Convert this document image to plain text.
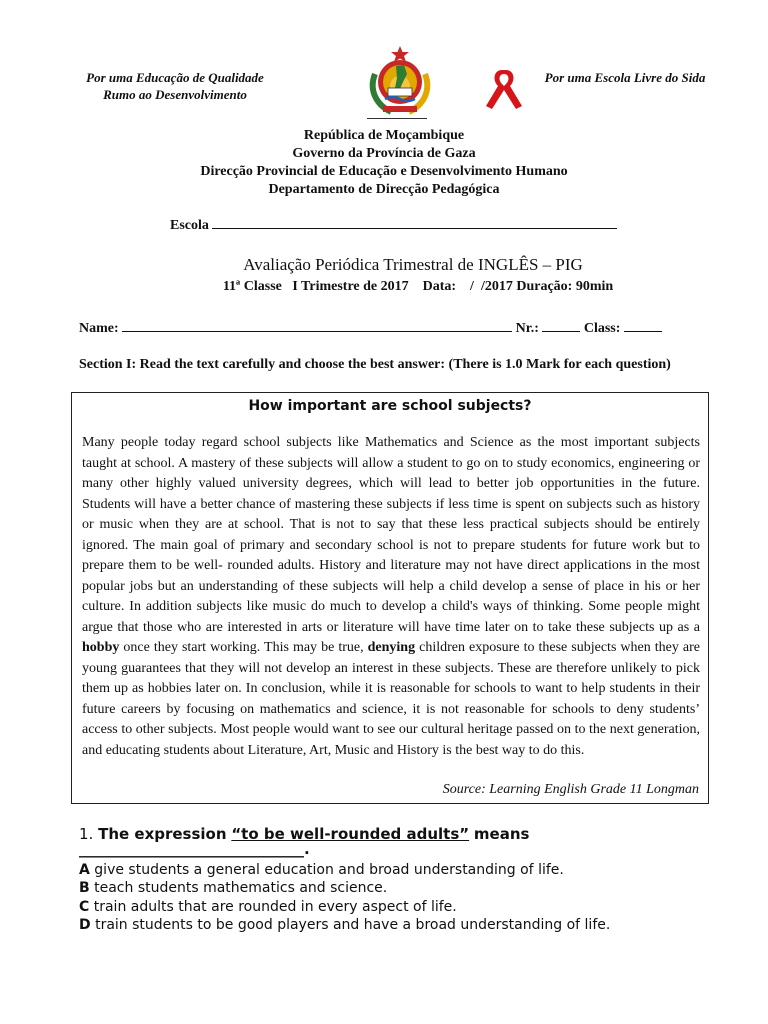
Por uma Educação de Qualidade
Rumo ao Desenvolvimento
Por uma Escola Livre do Sida
República de Moçambique
Governo da Província de Gaza
Direcção Provincial de Educação e Desenvolvimento Humano
Departamento de Direcção Pedagógica
Escola
Avaliação Periódica Trimestral de INGLÊS – PIG
11ª Classe   I Trimestre de 2017    Data:    /  /2017 Duração: 90min
Name:	Nr.:	Class:
Section I: Read the text carefully and choose the best answer: (There is 1.0 Mark for each question)
How important are school subjects?
Many people today regard school subjects like Mathematics and Science as the most important subjects taught at school. A mastery of these subjects will allow a student to go on to study economics, engineering or many other highly valued university degrees, which will lead to better job opportunities in the future. Students will have a better chance of mastering these subjects if less time is spent on subjects such as history or music when they are at school. That is not to say that these less practical subjects should be entirely ignored. The main goal of primary and secondary school is not to prepare students for future work but to prepare them to be well- rounded adults. History and literature may not have direct applications in the most popular jobs but an understanding of these subjects will help a child develop a sense of place in his or her culture. In addition subjects like music do much to develop a child's ways of thinking. Some people might argue that those who are interested in arts or literature will have time later on to take these subjects up as a hobby once they start working. This may be true, denying children exposure to these subjects when they are young guarantees that they will not develop an interest in these subjects. These are therefore unlikely to pick them up as hobbies later on. In conclusion, while it is reasonable for schools to want to help students in their future careers by focusing on mathematics and science, it is not reasonable for schools to deny students’ access to other subjects. Most people would want to see our cultural heritage passed on to the next generation, and educating students about Literature, Art, Music and History is the best way to do this.
Source: Learning English Grade 11 Longman
1. The expression “to be well-rounded adults” means
______________________________.
A give students a general education and broad understanding of life.
B teach students mathematics and science.
C train adults that are rounded in every aspect of life.
D train students to be good players and have a broad understanding of life.
